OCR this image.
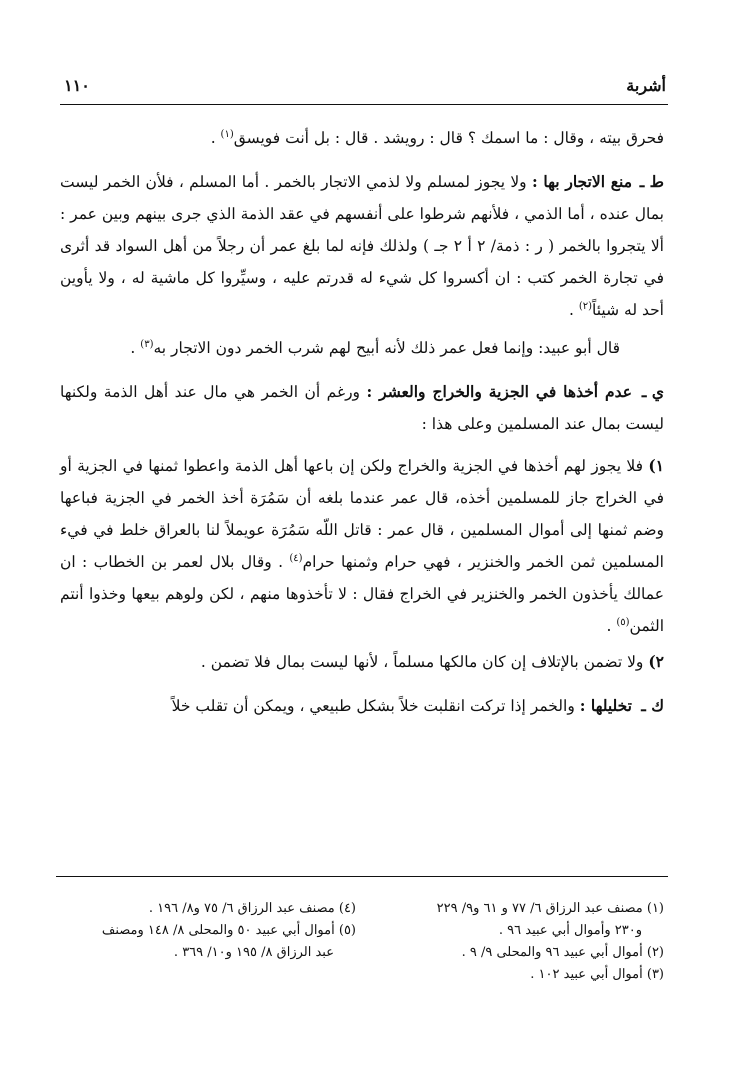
أشربة
١١٠

فحرق بيته ، وقال : ما اسمك ؟ قال : رويشد . قال : بل أنت فويسق$^{(١)}$ .

ط ـمنع الاتجار بها : ولا يجوز لمسلم ولا لذمي الاتجار بالخمر . أما المسلم ، فلأن الخمر ليست بمال عنده ، أما الذمي ، فلأنهم شرطوا على أنفسهم في عقد الذمة الذي جرى بينهم وبين عمر : ألا يتجروا بالخمر ( ر : ذمة/ ٢ أ ٢ جـ ) ولذلك فإنه لما بلغ عمر أن رجلاً من أهل السواد قد أثرى في تجارة الخمر كتب : ان أكسروا كل شيء له قدرتم عليه ، وسيِّروا كل ماشية له ، ولا يأوين أحد له شيئاً$^{(٢)}$ .

قال أبو عبيد: وإنما فعل عمر ذلك لأنه أبيح لهم شرب الخمر دون الاتجار به$^{(٣)}$ .

ي ـعدم أخذها في الجزية والخراج والعشر : ورغم أن الخمر هي مال عند أهل الذمة ولكنها ليست بمال عند المسلمين وعلى هذا :

١) فلا يجوز لهم أخذها في الجزية والخراج ولكن إن باعها أهل الذمة واعطوا ثمنها في الجزية أو في الخراج جاز للمسلمين أخذه، قال عمر عندما بلغه أن سَمُرَة أخذ الخمر في الجزية فباعها وضم ثمنها إلى أموال المسلمين ، قال عمر : قاتل اللّه سَمُرَة عويملاً لنا بالعراق خلط في فيء المسلمين ثمن الخمر والخنزير ، فهي حرام وثمنها حرام$^{(٤)}$ . وقال بلال لعمر بن الخطاب : ان عمالك يأخذون الخمر والخنزير في الخراج فقال : لا تأخذوها منهم ، لكن ولوهم بيعها وخذوا أنتم الثمن$^{(٥)}$ .

٢) ولا تضمن بالإتلاف إن كان مالكها مسلماً ، لأنها ليست بمال فلا تضمن .

ك ـتخليلها : والخمر إذا تركت انقلبت خلاً بشكل طبيعي ، ويمكن أن تقلب خلاً

(١) مصنف عبد الرزاق ٦/ ٧٧ و ٦١ و٩/ ٢٢٩

و٢٣٠ وأموال أبي عبيد ٩٦ .

(٢) أموال أبي عبيد ٩٦ والمحلى ٩/ ٩ .

(٣) أموال أبي عبيد ١٠٢ .

(٤) مصنف عبد الرزاق ٦/ ٧٥ و٨/ ١٩٦ .

(٥) أموال أبي عبيد ٥٠ والمحلى ٨/ ١٤٨ ومصنف

عبد الرزاق ٨/ ١٩٥ و١٠/ ٣٦٩ .
